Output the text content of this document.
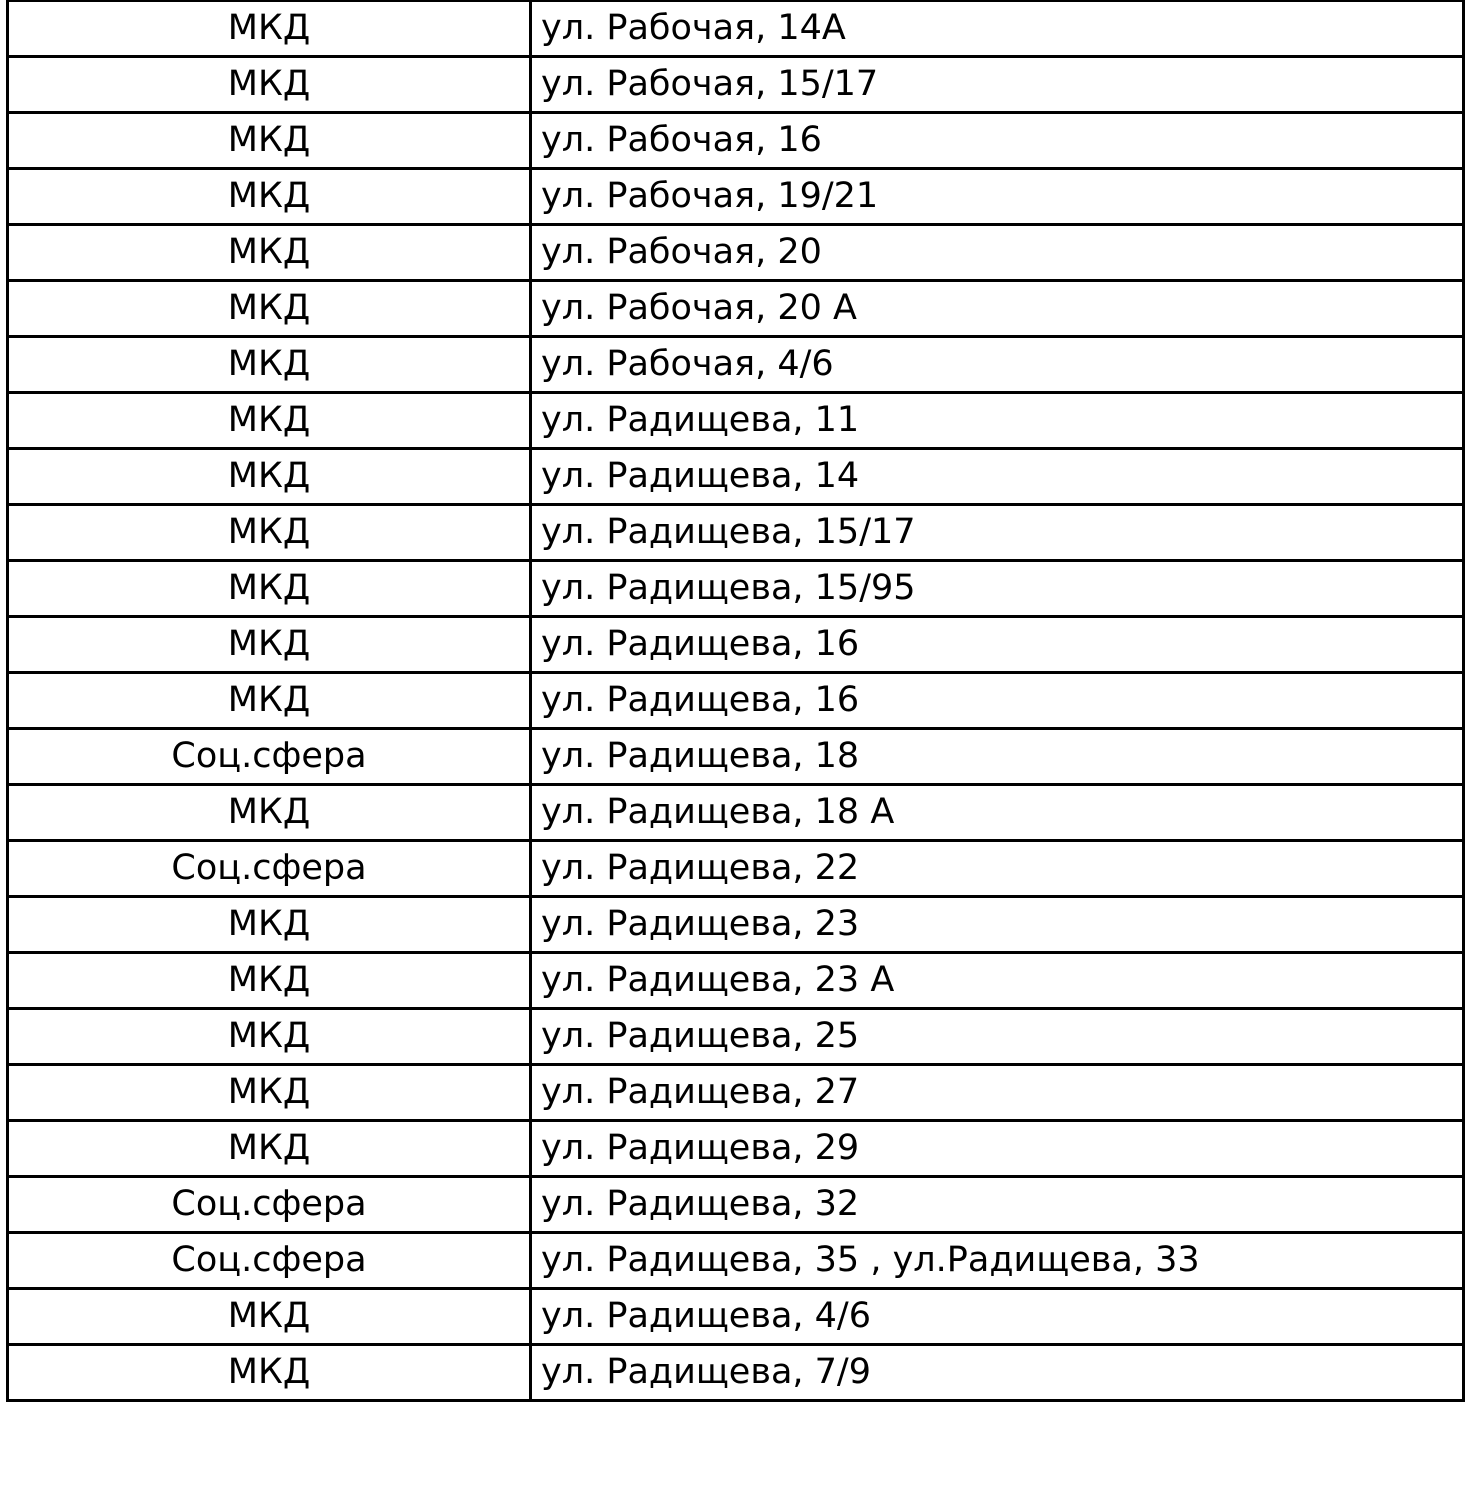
МКД	ул. Рабочая, 14А
МКД	ул. Рабочая, 15/17
МКД	ул. Рабочая, 16
МКД	ул. Рабочая, 19/21
МКД	ул. Рабочая, 20
МКД	ул. Рабочая, 20 А
МКД	ул. Рабочая, 4/6
МКД	ул. Радищева, 11
МКД	ул. Радищева, 14
МКД	ул. Радищева, 15/17
МКД	ул. Радищева, 15/95
МКД	ул. Радищева, 16
МКД	ул. Радищева, 16
Соц.сфера	ул. Радищева, 18
МКД	ул. Радищева, 18 А
Соц.сфера	ул. Радищева, 22
МКД	ул. Радищева, 23
МКД	ул. Радищева, 23 А
МКД	ул. Радищева, 25
МКД	ул. Радищева, 27
МКД	ул. Радищева, 29
Соц.сфера	ул. Радищева, 32
Соц.сфера	ул. Радищева, 35 , ул.Радищева, 33
МКД	ул. Радищева, 4/6
МКД	ул. Радищева, 7/9
